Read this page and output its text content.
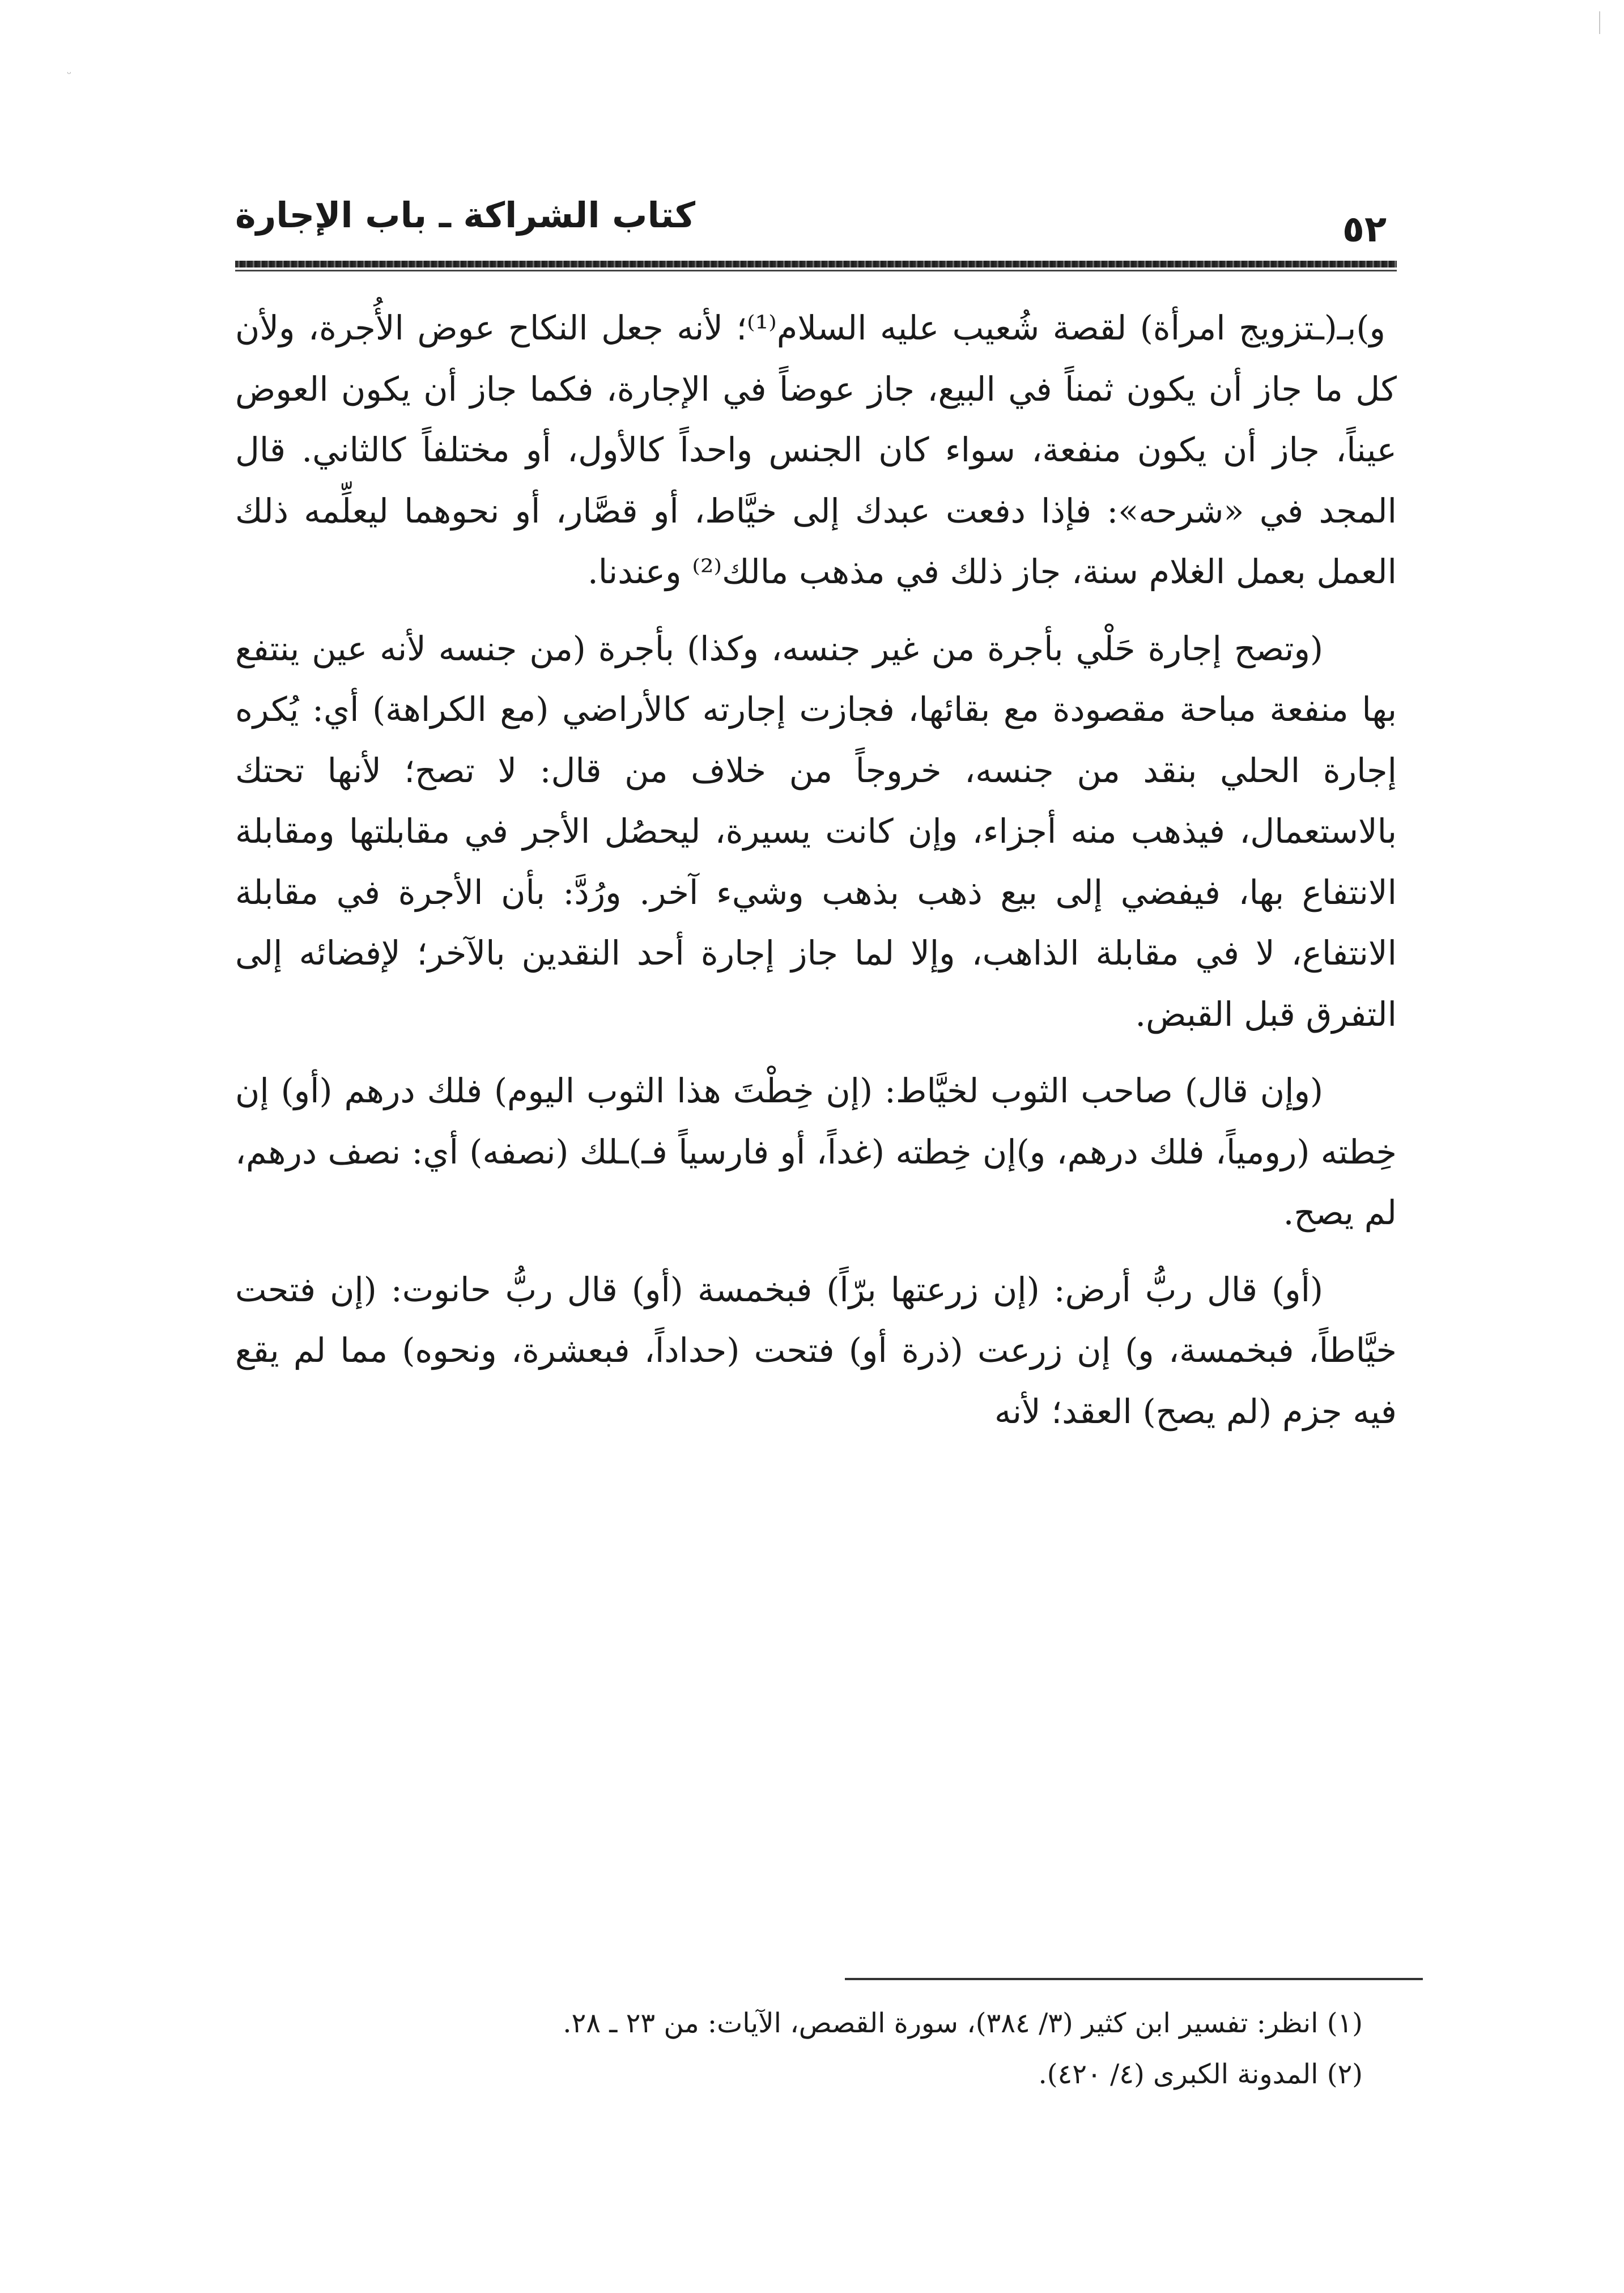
ᵕ
كتاب الشراكة ـ باب الإجارة	٥٢

و)بـ(ـتزويج امرأة) لقصة شُعيب عليه السلام⁽¹⁾؛ لأنه جعل النكاح عوض الأُجرة، ولأن كل ما جاز أن يكون ثمناً في البيع، جاز عوضاً في الإجارة، فكما جاز أن يكون العوض عيناً، جاز أن يكون منفعة، سواء كان الجنس واحداً كالأول، أو مختلفاً كالثاني. قال المجد في «شرحه»: فإذا دفعت عبدك إلى خيَّاط، أو قصَّار، أو نحوهما ليعلِّمه ذلك العمل بعمل الغلام سنة، جاز ذلك في مذهب مالك⁽²⁾ وعندنا.

(وتصح إجارة حَلْي بأجرة من غير جنسه، وكذا) بأجرة (من جنسه لأنه عين ينتفع بها منفعة مباحة مقصودة مع بقائها، فجازت إجارته كالأراضي (مع الكراهة) أي: يُكره إجارة الحلي بنقد من جنسه، خروجاً من خلاف من قال: لا تصح؛ لأنها تحتك بالاستعمال، فيذهب منه أجزاء، وإن كانت يسيرة، ليحصُل الأجر في مقابلتها ومقابلة الانتفاع بها، فيفضي إلى بيع ذهب بذهب وشيء آخر. ورُدَّ: بأن الأجرة في مقابلة الانتفاع، لا في مقابلة الذاهب، وإلا لما جاز إجارة أحد النقدين بالآخر؛ لإفضائه إلى التفرق قبل القبض.

(وإن قال) صاحب الثوب لخيَّاط: (إن خِطْتَ هذا الثوب اليوم) فلك درهم (أو) إن خِطته (رومياً، فلك درهم، و)إن خِطته (غداً، أو فارسياً فـ)ـلك (نصفه) أي: نصف درهم، لم يصح.

(أو) قال ربُّ أرض: (إن زرعتها برّاً) فبخمسة (أو) قال ربُّ حانوت: (إن فتحت خيَّاطاً، فبخمسة، و) إن زرعت (ذرة أو) فتحت (حداداً، فبعشرة، ونحوه) مما لم يقع فيه جزم (لم يصح) العقد؛ لأنه

(١) انظر: تفسير ابن كثير (٣/ ٣٨٤)، سورة القصص، الآيات: من ٢٣ ـ ٢٨.
(٢) المدونة الكبرى (٤/ ٤٢٠).
